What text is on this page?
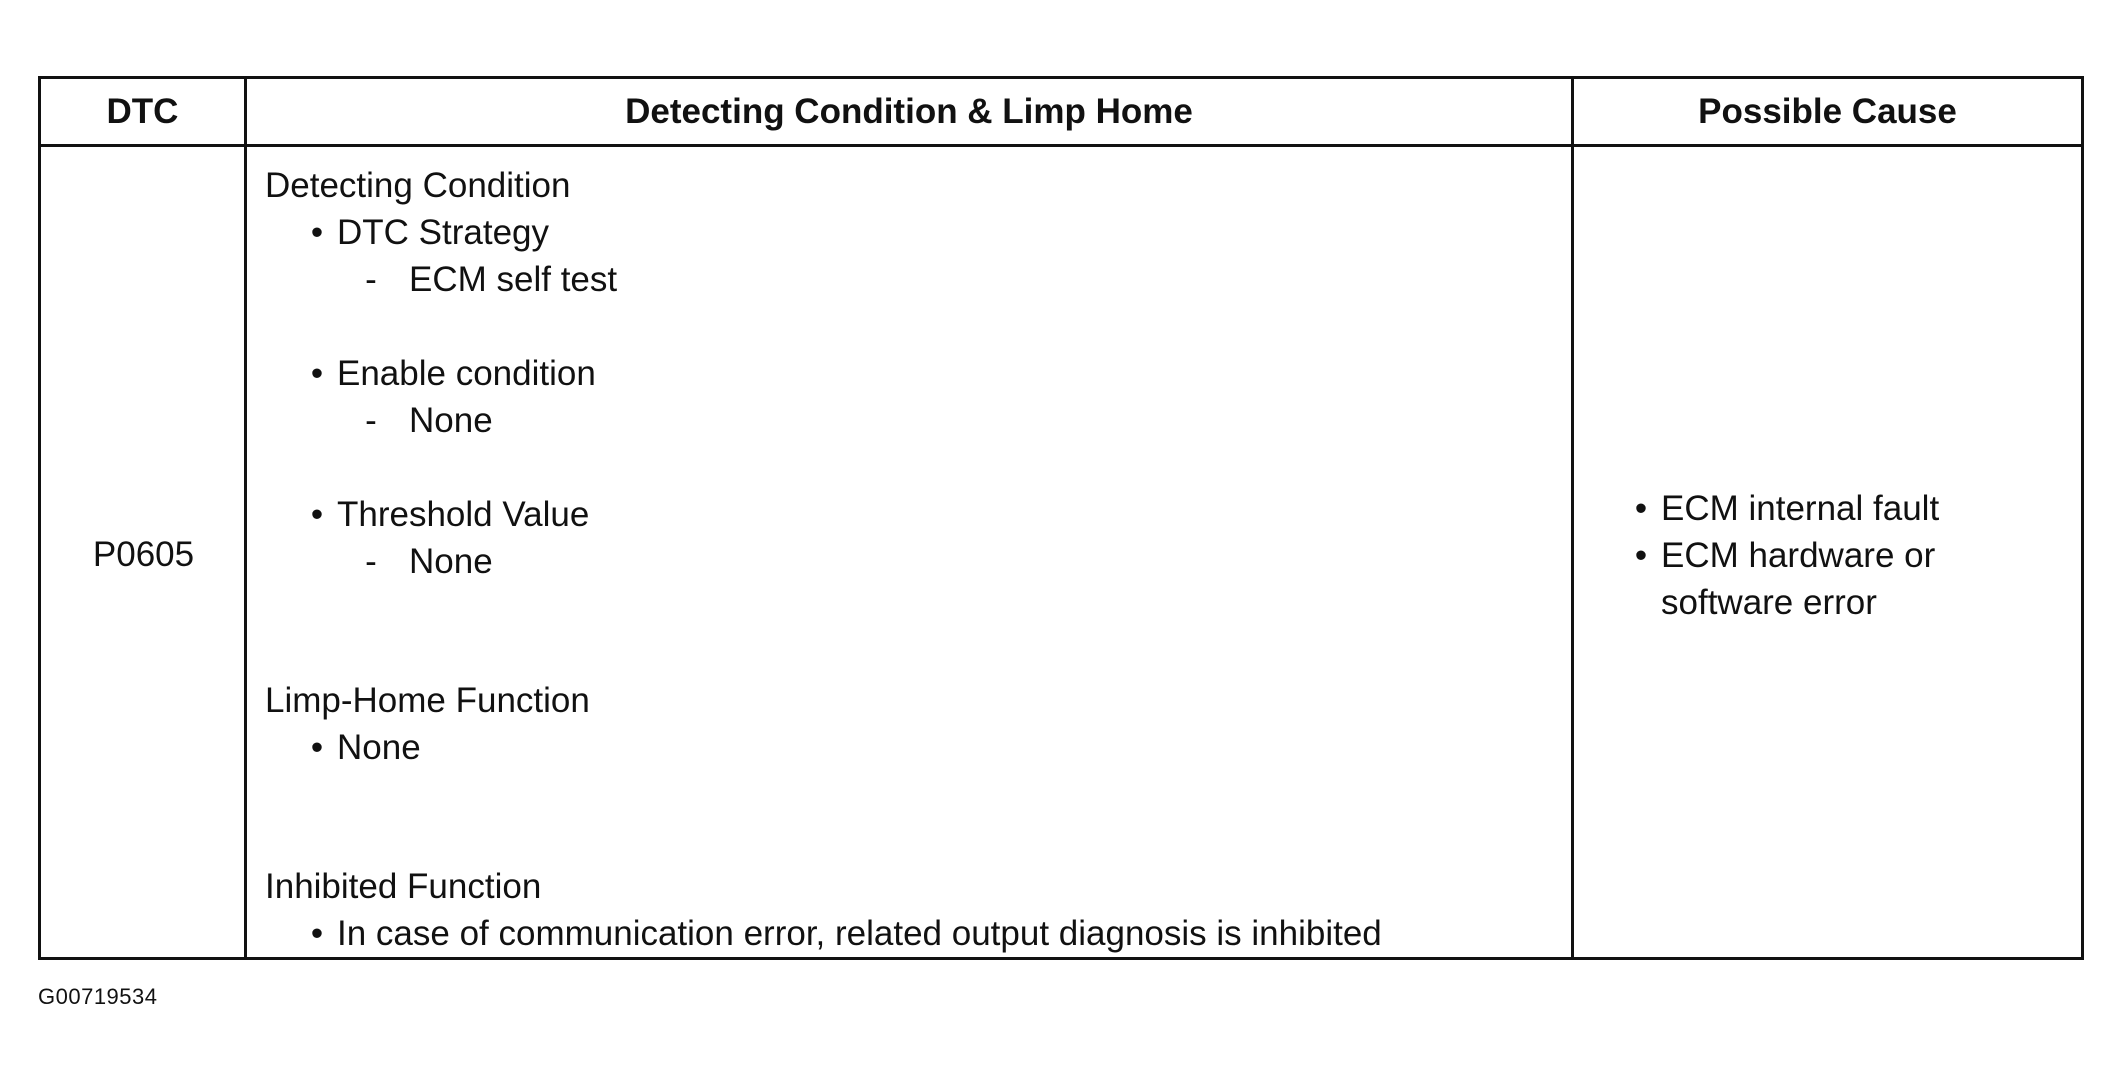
DTC	Detecting Condition & Limp Home	Possible Cause
P0605
Detecting Condition
• DTC Strategy
- ECM self test
• Enable condition
- None
• Threshold Value
- None
Limp-Home Function
• None
Inhibited Function
• In case of communication error, related output diagnosis is inhibited
• ECM internal fault
• ECM hardware or
software error
G00719534
